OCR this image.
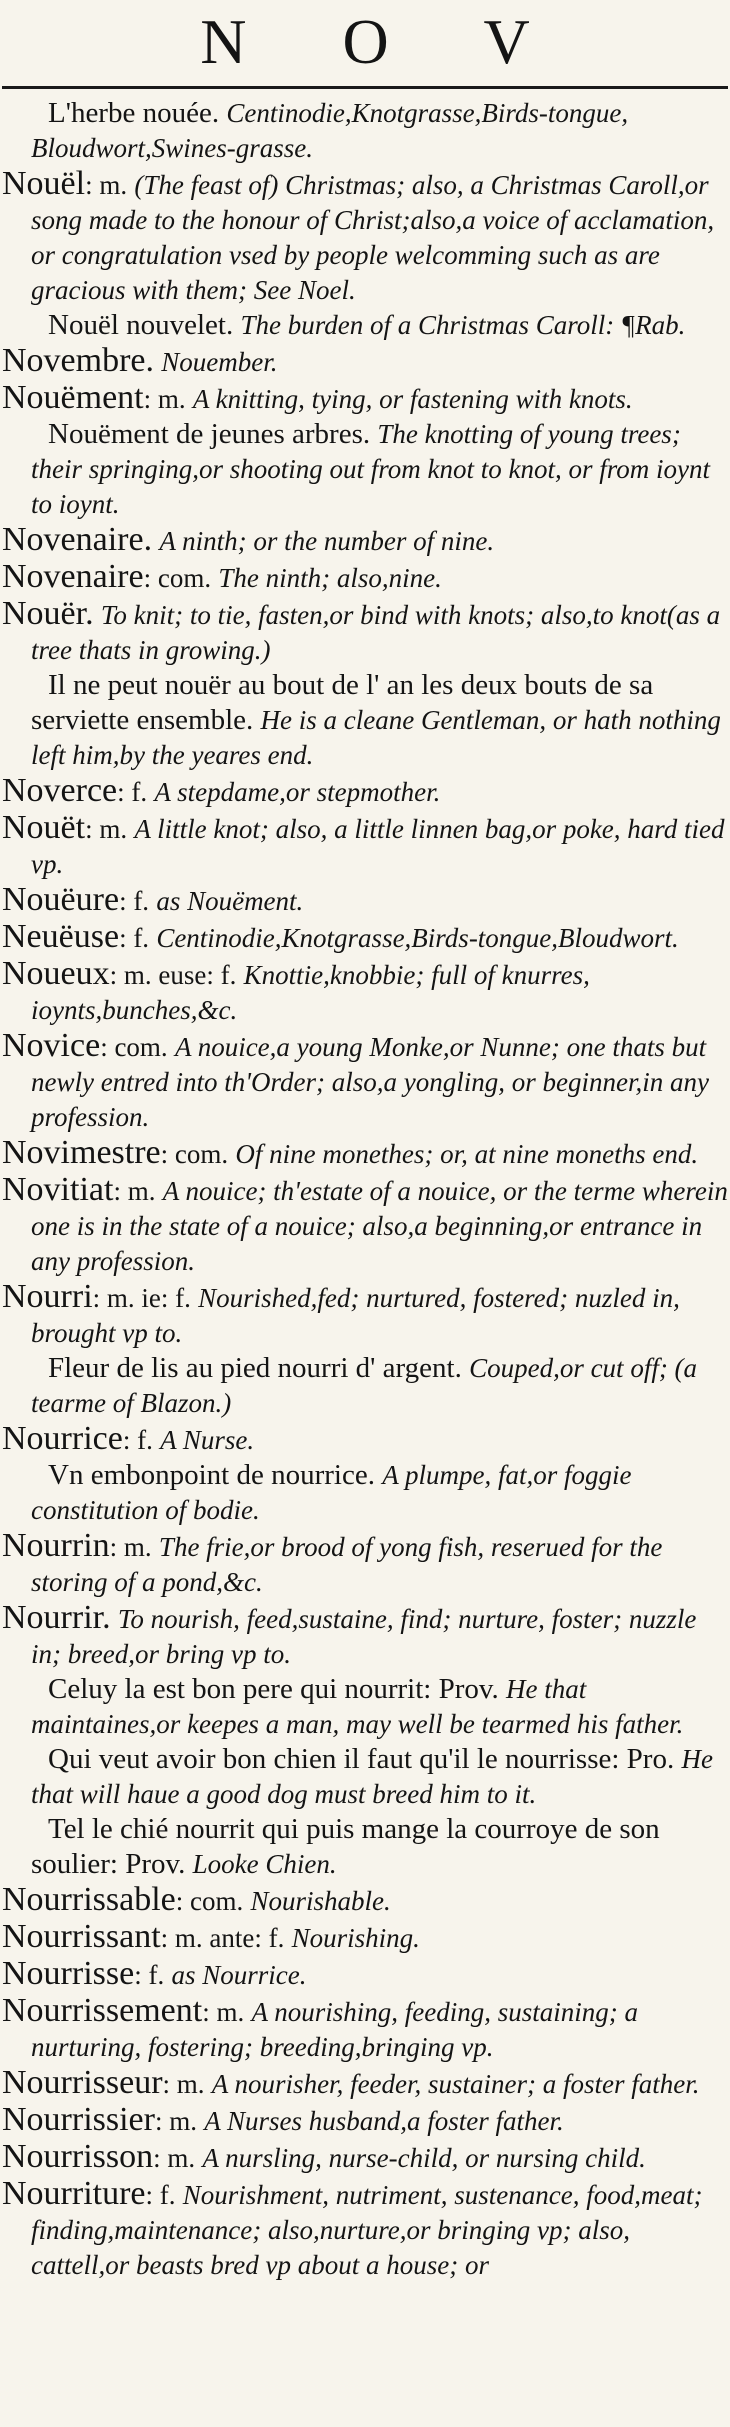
N O V

L'herbe nouée. Centinodie,Knotgrasse,Birds-tongue, Bloudwort,Swines-grasse.

Nouël: m. (The feast of) Christmas; also, a Christmas Caroll,or song made to the honour of Christ;also,a voice of acclamation, or congratulation vsed by people welcomming such as are gracious with them; See Noel.

Nouël nouvelet. The burden of a Christmas Caroll: ¶Rab.

Novembre. Nouember.

Nouëment: m. A knitting, tying, or fastening with knots.

Nouëment de jeunes arbres. The knotting of young trees; their springing,or shooting out from knot to knot, or from ioynt to ioynt.

Novenaire. A ninth; or the number of nine.

Novenaire: com. The ninth; also,nine.

Nouër. To knit; to tie, fasten,or bind with knots; also,to knot(as a tree thats in growing.)

Il ne peut nouër au bout de l' an les deux bouts de sa serviette ensemble. He is a cleane Gentleman, or hath nothing left him,by the yeares end.

Noverce: f. A stepdame,or stepmother.

Nouët: m. A little knot; also, a little linnen bag,or poke, hard tied vp.

Nouëure: f. as Nouëment.

Neuëuse: f. Centinodie,Knotgrasse,Birds-tongue,Bloudwort.

Noueux: m. euse: f. Knottie,knobbie; full of knurres, ioynts,bunches,&c.

Novice: com. A nouice,a young Monke,or Nunne; one thats but newly entred into th'Order; also,a yongling, or beginner,in any profession.

Novimestre: com. Of nine monethes; or, at nine moneths end.

Novitiat: m. A nouice; th'estate of a nouice, or the terme wherein one is in the state of a nouice; also,a beginning,or entrance in any profession.

Nourri: m. ie: f. Nourished,fed; nurtured, fostered; nuzled in, brought vp to.

Fleur de lis au pied nourri d' argent. Couped,or cut off; (a tearme of Blazon.)

Nourrice: f. A Nurse.

Vn embonpoint de nourrice. A plumpe, fat,or foggie constitution of bodie.

Nourrin: m. The frie,or brood of yong fish, reserued for the storing of a pond,&c.

Nourrir. To nourish, feed,sustaine, find; nurture, foster; nuzzle in; breed,or bring vp to.

Celuy la est bon pere qui nourrit: Prov. He that maintaines,or keepes a man, may well be tearmed his father.

Qui veut avoir bon chien il faut qu'il le nourrisse: Pro. He that will haue a good dog must breed him to it.

Tel le chié nourrit qui puis mange la courroye de son soulier: Prov. Looke Chien.

Nourrissable: com. Nourishable.

Nourrissant: m. ante: f. Nourishing.

Nourrisse: f. as Nourrice.

Nourrissement: m. A nourishing, feeding, sustaining; a nurturing, fostering; breeding,bringing vp.

Nourrisseur: m. A nourisher, feeder, sustainer; a foster father.

Nourrissier: m. A Nurses husband,a foster father.

Nourrisson: m. A nursling, nurse-child, or nursing child.

Nourriture: f. Nourishment, nutriment, sustenance, food,meat; finding,maintenance; also,nurture,or bringing vp; also, cattell,or beasts bred vp about a house; or
